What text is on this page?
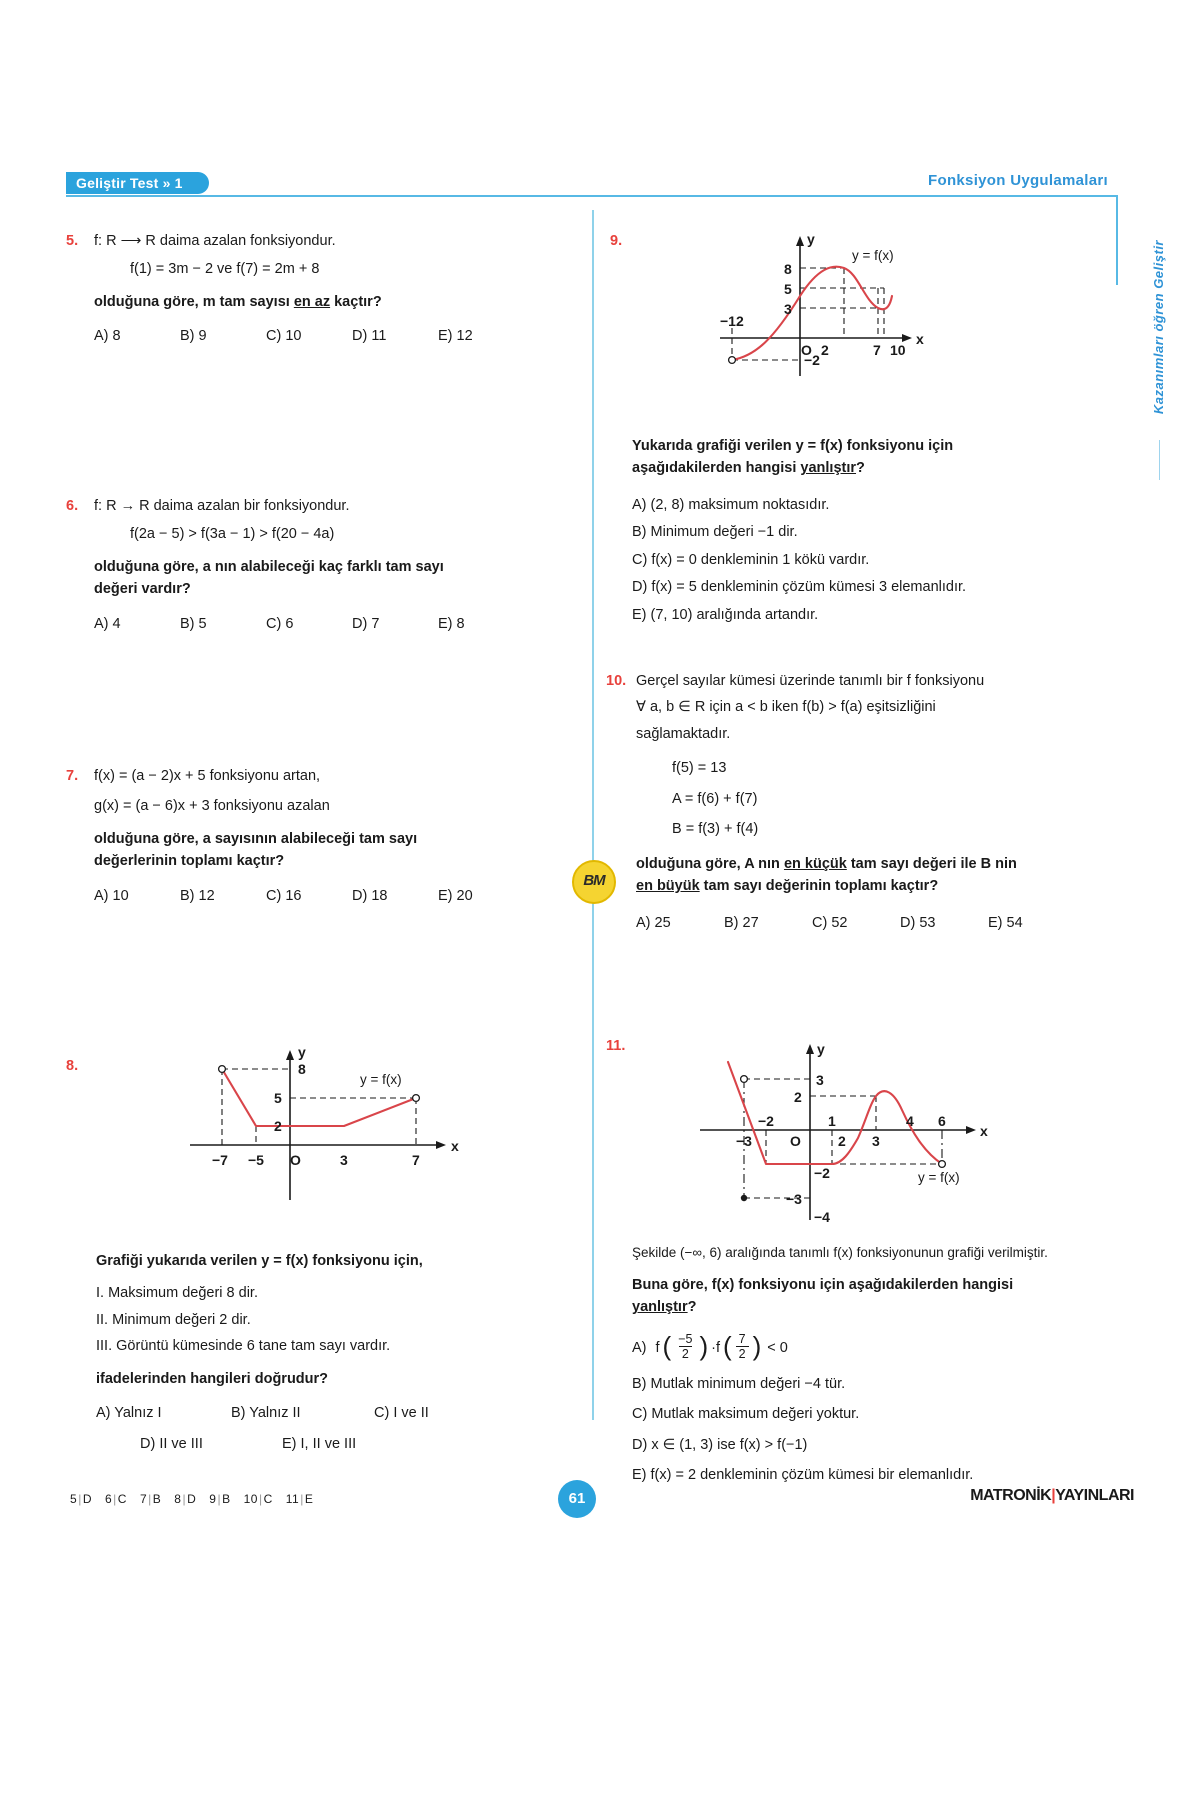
Geliştir Test » 1	Fonksiyon Uygulamaları
Kazanımları öğren Geliştir
BM
5. f: R ⟶ R daima azalan fonksiyondur.
f(1) = 3m − 2 ve f(7) = 2m + 8
olduğuna göre, m tam sayısı en az kaçtır?
A) 8	B) 9	C) 10	D) 11	E) 12
6. f: R → R daima azalan bir fonksiyondur.
f(2a − 5) > f(3a − 1) > f(20 − 4a)
olduğuna göre, a nın alabileceği kaç farklı tam sayı
değeri vardır?
A) 4	B) 5	C) 6	D) 7	E) 8
7. f(x) = (a − 2)x + 5 fonksiyonu artan,
g(x) = (a − 6)x + 3 fonksiyonu azalan
olduğuna göre, a sayısının alabileceği tam sayı
değerlerinin toplamı kaçtır?
A) 10	B) 12	C) 16	D) 18	E) 20
8.
y
x
8
5
2
−7 −5	3	7
O
y = f(x)
Grafiği yukarıda verilen y = f(x) fonksiyonu için,
I. Maksimum değeri 8 dir.
II. Minimum değeri 2 dir.
III. Görüntü kümesinde 6 tane tam sayı vardır.
ifadelerinden hangileri doğrudur?
A) Yalnız I	B) Yalnız II	C) I ve II
D) II ve III	E) I, II ve III
9.	y
x
8
5
3
−2
−12
2	7 10
O
y = f(x)
Yukarıda grafiği verilen y = f(x) fonksiyonu için
aşağıdakilerden hangisi yanlıştır?
A) (2, 8) maksimum noktasıdır.
B) Minimum değeri −1 dir.
C) f(x) = 0 denkleminin 1 kökü vardır.
D) f(x) = 5 denkleminin çözüm kümesi 3 elemanlıdır.
E) (7, 10) aralığında artandır.
10. Gerçel sayılar kümesi üzerinde tanımlı bir f fonksiyonu
∀ a, b ∈ R için a < b iken f(b) > f(a) eşitsizliğini
sağlamaktadır.
f(5) = 13
A = f(6) + f(7)
B = f(3) + f(4)
olduğuna göre, A nın en küçük tam sayı değeri ile B nin
en büyük tam sayı değerinin toplamı kaçtır?
A) 25	B) 27	C) 52	D) 53	E) 54
11.	y
x
3
2
−2
−3
−4
−3
−2	1
2 3
4 6
O
y = f(x)
Şekilde (−∞, 6) aralığında tanımlı f(x) fonksiyonunun grafiği verilmiştir.
Buna göre, f(x) fonksiyonu için aşağıdakilerden hangisi
yanlıştır?
A) f ( $\frac{-5}{2}$ ) ·f ( $\frac{7}{2}$ ) < 0
B) Mutlak minimum değeri −4 tür.
C) Mutlak maksimum değeri yoktur.
D) x ∈ (1, 3) ise f(x) > f(−1)
E) f(x) = 2 denkleminin çözüm kümesi bir elemanlıdır.
5|D 6|C 7|B 8|D 9|B 10|C 11|E	61	MATRONİK|YAYINLARI
